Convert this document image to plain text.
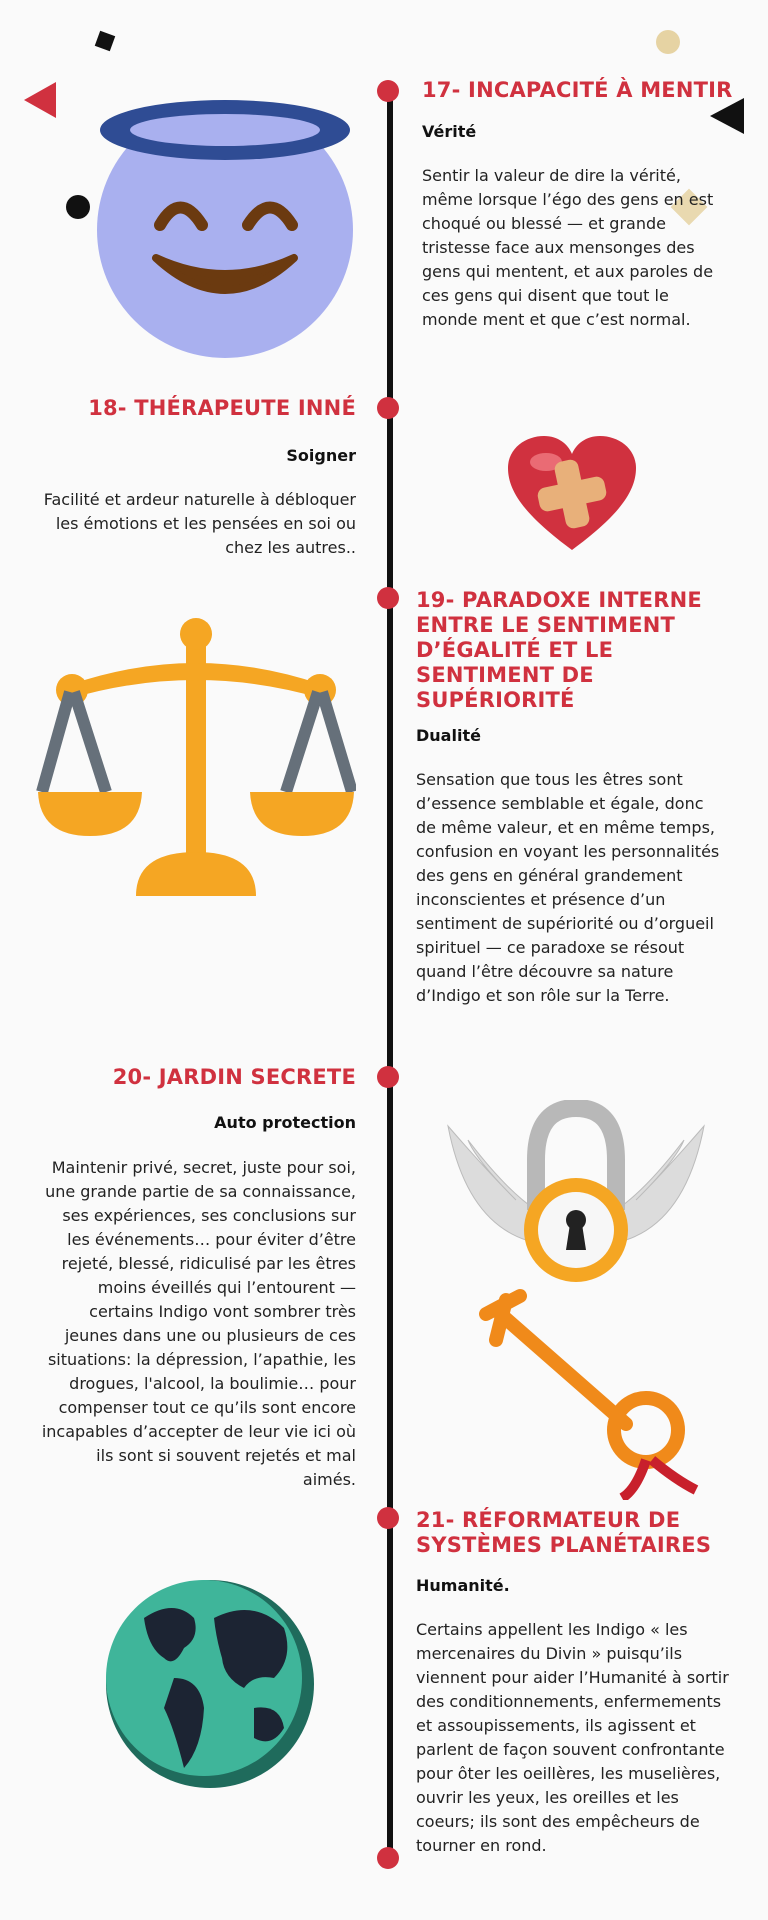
17- INCAPACITÉ À MENTIR
Vérité
Sentir la valeur de dire la vérité, même lorsque l’égo des gens en est choqué ou blessé — et grande tristesse face aux mensonges des gens qui mentent, et aux paroles de ces gens qui disent que tout le monde ment et que c’est normal.
18- THÉRAPEUTE INNÉ
Soigner
Facilité et ardeur naturelle à débloquer les émotions et les pensées en soi ou chez les autres..
19- PARADOXE INTERNE ENTRE LE SENTIMENT D’ÉGALITÉ ET LE SENTIMENT DE SUPÉRIORITÉ
Dualité
Sensation que tous les êtres sont d’essence semblable et égale, donc de même valeur, et en même temps, confusion en voyant les personnalités des gens en général grandement inconscientes et présence d’un sentiment de supériorité ou d’orgueil spirituel — ce paradoxe se résout quand l’être découvre sa nature d’Indigo et son rôle sur la Terre.
20- JARDIN SECRETE
Auto protection
Maintenir privé, secret, juste pour soi, une grande partie de sa connaissance, ses expériences, ses conclusions sur les événements… pour éviter d’être rejeté, blessé, ridiculisé par les êtres moins éveillés qui l’entourent — certains Indigo vont sombrer très jeunes dans une ou plusieurs de ces situations: la dépression, l’apathie, les drogues, l'alcool, la boulimie… pour compenser tout ce qu’ils sont encore incapables d’accepter de leur vie ici où ils sont si souvent rejetés et mal aimés.
21- RÉFORMATEUR DE SYSTÈMES PLANÉTAIRES
Humanité.
Certains appellent les Indigo « les mercenaires du Divin » puisqu’ils viennent pour aider l’Humanité à sortir des conditionnements, enfermements et assoupissements, ils agissent et parlent de façon souvent confrontante pour ôter les oeillères, les muselières, ouvrir les yeux, les oreilles et les coeurs; ils sont des empêcheurs de tourner en rond.
